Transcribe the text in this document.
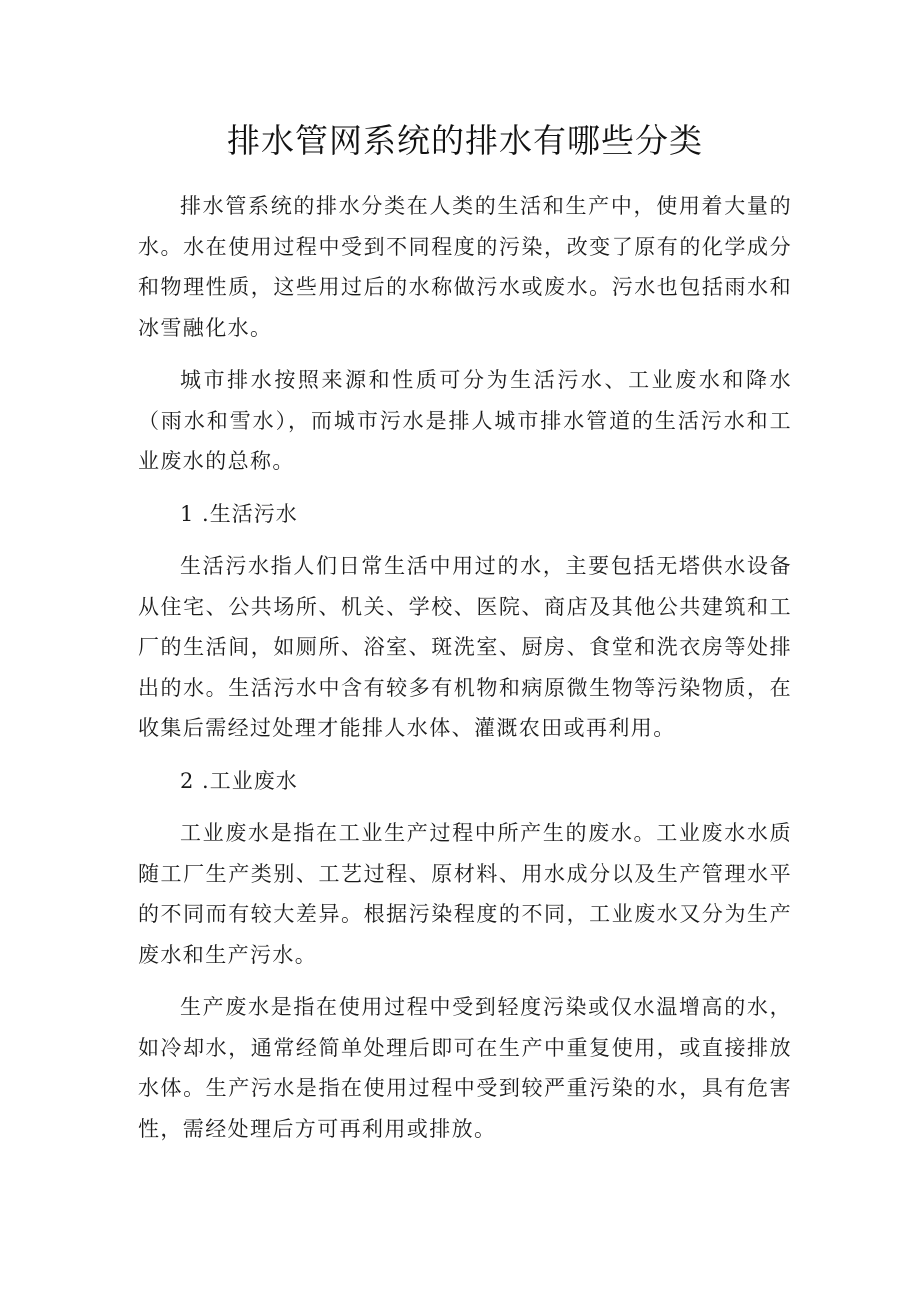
排水管网系统的排水有哪些分类

排水管系统的排水分类在人类的生活和生产中，使用着大量的水。水在使用过程中受到不同程度的污染，改变了原有的化学成分和物理性质，这些用过后的水称做污水或废水。污水也包括雨水和冰雪融化水。

城市排水按照来源和性质可分为生活污水、工业废水和降水（雨水和雪水），而城市污水是排人城市排水管道的生活污水和工业废水的总称。

1 .生活污水

生活污水指人们日常生活中用过的水，主要包括无塔供水设备从住宅、公共场所、机关、学校、医院、商店及其他公共建筑和工厂的生活间，如厕所、浴室、斑洗室、厨房、食堂和洗衣房等处排出的水。生活污水中含有较多有机物和病原微生物等污染物质，在收集后需经过处理才能排人水体、灌溉农田或再利用。

2 .工业废水

工业废水是指在工业生产过程中所产生的废水。工业废水水质随工厂生产类别、工艺过程、原材料、用水成分以及生产管理水平的不同而有较大差异。根据污染程度的不同，工业废水又分为生产废水和生产污水。

生产废水是指在使用过程中受到轻度污染或仅水温增高的水，如冷却水，通常经简单处理后即可在生产中重复使用，或直接排放水体。生产污水是指在使用过程中受到较严重污染的水，具有危害性，需经处理后方可再利用或排放。
